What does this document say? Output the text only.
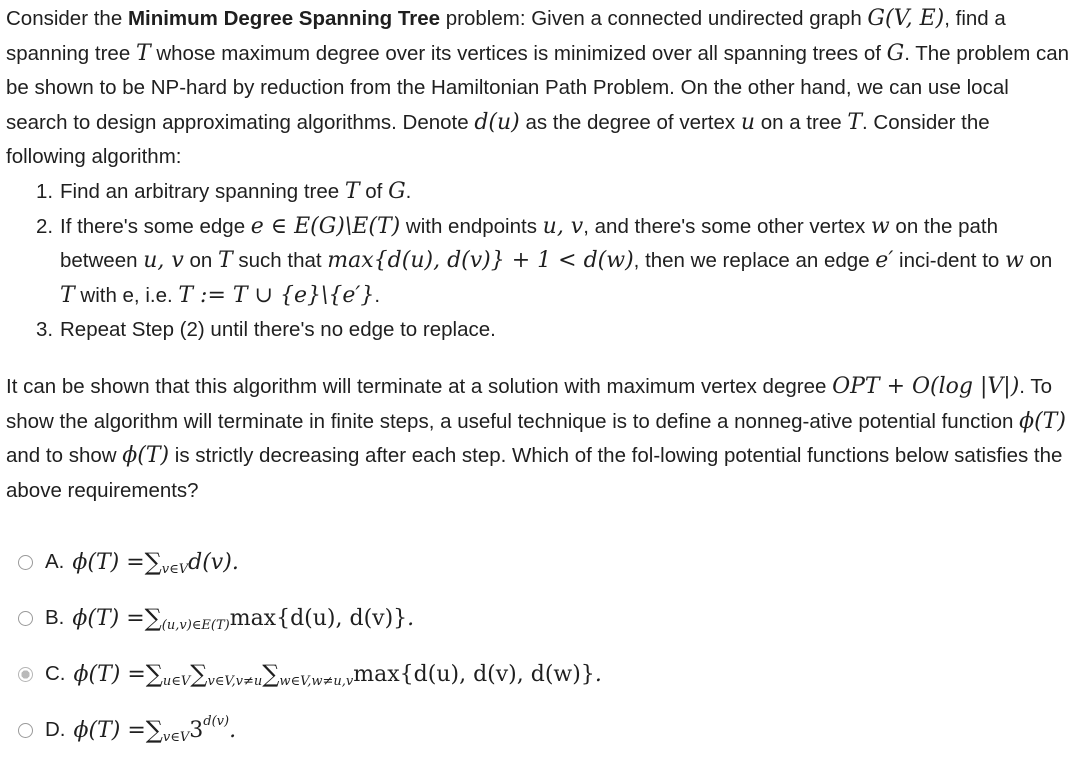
Consider the Minimum Degree Spanning Tree problem: Given a connected undirected graph G(V, E), find a spanning tree T whose maximum degree over its vertices is minimized over all spanning trees of G. The problem can be shown to be NP-hard by reduction from the Hamiltonian Path Problem. On the other hand, we can use local search to design approximating algorithms. Denote d(u) as the degree of vertex u on a tree T. Consider the following algorithm:
1. Find an arbitrary spanning tree T of G.
2. If there's some edge e ∈ E(G)\E(T) with endpoints u, v, and there's some other vertex w on the path between u, v on T such that max{d(u), d(v)} + 1 < d(w), then we replace an edge e′ inci-dent to w on T with e, i.e. T := T ∪ {e}\{e′}.
3. Repeat Step (2) until there's no edge to replace.
It can be shown that this algorithm will terminate at a solution with maximum vertex degree OPT + O(log |V|). To show the algorithm will terminate in finite steps, a useful technique is to define a nonneg-ative potential function ϕ(T) and to show ϕ(T) is strictly decreasing after each step. Which of the fol-lowing potential functions below satisfies the above requirements?
A. ϕ(T) = ∑ v∈V d(v) .
B. ϕ(T) = ∑ (u,v)∈E(T) max{d(u), d(v)} .
C. ϕ(T) = ∑ u∈V ∑ v∈V,v≠u ∑ w∈V,w≠u,v max{d(u), d(v), d(w)} .
D. ϕ(T) = ∑ v∈V 3 d(v) .
